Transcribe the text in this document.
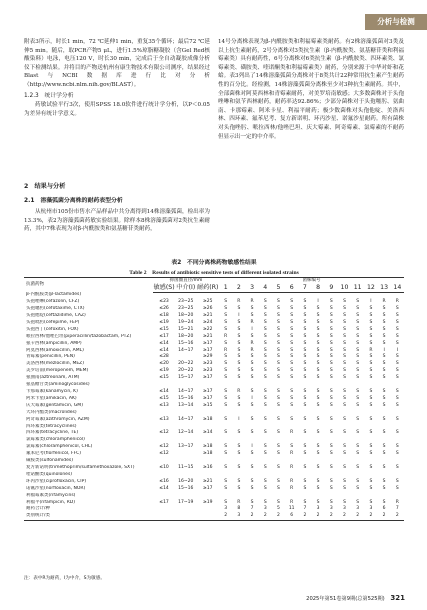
分析与检测

附表3所示，时长1 min，72 ℃延伸1 min，重复35个循环；最后72 ℃延伸5 min。随后，取PCR产物5 μL，进行1.5%琼脂糖凝胶（含Gel Red核酸染料）电泳，电压120 V，时长30 min，完成后于全自动凝胶成像分析仪下检测结果。并将目的产物送杭州有康生物技术有限公司测序，结果经过Blast与NCBI数据库进行比对分析（http://www.ncbi.nlm.nih.gov/BLAST）。

1.2.3　统计学分析

药敏试验平行3次，使用SPSS 18.0软件进行统计学分析，以P＜0.05为差异有统计学意义。

2　结果与分析
2.1　溶藻弧菌分离株的耐药表型分析

从杭州市105份市售水产品样品中共分离得到14株溶藻弧菌，检出率为13.3%，表2为溶藻弧菌药敏实验结果。除样本8株溶藻弧菌对2类抗生素耐药，其中7株表现为对β-内酰胺类和氨基糖苷类耐药，

14号分离株表现为β-内酰胺类和利福霉素类耐药。有2株溶藻弧菌对3类及以上抗生素耐药，2号分离株对3类抗生素（β-内酰胺类、氨基糖苷类和利福霉素类）具有耐药性，6号分离株对6类抗生素（β-内酰胺类、四环素类、氯霉素类、磺胺类、喹诺酮类和利福霉素类）耐药，分别来源于中华对虾和花蛤。表3列出了14株溶藻弧菌分离株对于8类共计22种常用抗生素产生耐药性的百分比。经检测，14株溶藻弧菌分离株至少对3种抗生素耐药。其中，全部菌株对阿莫西林和青霉素耐药，对美罗培南敏感；大多数菌株对于头孢唑啉和氨苄西林耐药，耐药率达92.86%；少部分菌株对于头孢噻肟、氨曲南、卡那霉素、阿米卡星、利福平耐药；极少数菌株对头孢他啶、美洛西林、四环素、氟苯尼考、复方新诺明、环丙沙星、诺氟沙星耐药。所有菌株对头孢唑肟、哌拉西林/他唑巴坦、庆大霉素、阿奇霉素、氯霉素的不耐药但显示出一定的中介率。

表2　不同分离株药物敏感性结果
Table 2　Results of antibiotic sensitive tests of different isolated strains
抗菌药物	抑菌圈直径/mm			菌株编号													
	敏感(S)	中介(I)	耐药(R)	1	2	3	4	5	6	7	8	9	10	11	12	13	14
β-内酰胺类(β-lactamides)																	
头孢唑啉(cefazolin, CFZ)	≤23	23~25	≥25	S	R	R	S	S	S	S	I	S	S	S	I	R	R
头孢噻肟(cefotaxime, CTX)	≤26	23~25	≥26	S	S	S	S	S	S	S	S	S	S	S	S	S	S
头孢他啶(ceftazidime, CAZ)	≤18	18~20	≥21	S	I	S	S	S	S	S	S	S	S	S	S	S	S
头孢吡肟(cefepime, FEP)	≤19	19~24	≥24	S	S	R	S	S	S	S	S	S	S	S	S	S	S
头孢西丁(cefoxitin, FOX)	≤15	15~21	≥22	S	S	I	S	S	S	S	S	S	S	S	S	S	S
哌拉西林/他唑巴坦(piperacillin/tazobactam, PTZ)	≤17	18~20	≥21	R	S	S	S	S	S	S	S	S	S	S	S	S	S
氨苄西林(ampicillin, AMP)	≤14	15~16	≥17	S	S	R	S	S	S	S	S	S	S	S	S	S	S
阿莫西林(amoxicillin, AML)	≤14	14~17	≥17	R	S	R	S	S	S	S	S	S	S	S	R	I	I
青霉素(penicillin, PEN)	≤28		≥29	S	S	S	S	S	S	S	S	S	S	S	S	S	S
美洛西林(mezlocillin, MEZ)	≤20	20~22	≥23	S	S	S	S	S	S	S	S	S	S	S	S	S	S
美罗培南(meropenem, MEM)	≤19	20~22	≥23	S	S	S	S	S	S	S	S	S	S	S	S	S	S
氨曲南(aztreonam, ATM)	≤15	15~17	≥17	S	S	S	S	S	S	S	S	S	S	S	S	S	S
氨基糖苷类(aminoglycosides)																	
卡那霉素(kanamycin, K)	≤14	14~17	≥17	S	R	S	S	S	S	S	S	S	S	S	S	S	S
阿米卡星(amikacin, AK)	≤15	15~16	≥17	S	S	I	S	S	S	S	S	S	S	S	S	S	S
庆大霉素(gentamicin, GM)	≤13	13~14	≥15	S	S	S	S	S	S	S	S	S	S	S	S	S	S
大环内酯类(macrolides)																	
阿奇霉素(azithromycin, AZM)	≤13	14~17	≥18	S	I	S	S	S	S	S	S	S	S	S	S	S	S
四环素类(tetracyclines)																	
四环素(tetracycline, TE)	≤12	12~14	≥14	S	S	S	S	S	R	S	S	S	S	S	S	S	S
氯霉素类(chloramphenicol)																	
氯霉素(chloramphenicol, CHL)	≤12	13~17	≥18	S	S	I	S	S	S	S	S	S	S	S	S	S	S
氟苯尼考(florfenicol, FFC)	≤12		≥18	S	S	S	S	S	R	S	S	S	S	S	S	S	S
磺胺类(sulfonamides)																	
复方新诺明(trimethoprim/sulfamethoxazole, SXT)	≤10	11~15	≥16	S	S	S	S	S	R	S	S	S	S	S	S	S	S
喹诺酮类(quinolones)																	
环丙沙星(ciprofloxacin, CIP)	≤16	16~20	≥21	S	S	S	S	S	R	S	S	S	S	S	S	S	S
诺氟沙星(norfloxacin, NOR)	≤14	15~16	≥17	S	S	S	S	S	R	S	S	S	S	S	S	S	S
利福霉素类(rifamycins)																	
利福平(rifampicin, RD)	≤17	17~19	≥19	S	R	S	S	S	R	S	S	S	S	S	S	S	R
耐药合计/种				3	8	7	3	5	11	7	3	3	3	3	3	6	7
类别统计/类				2	3	2	2	2	6	2	2	2	2	2	2	2	2
注：表中R为耐药，I为中介，S为敏感。
2025年第51卷第9期(总第525期) 321
